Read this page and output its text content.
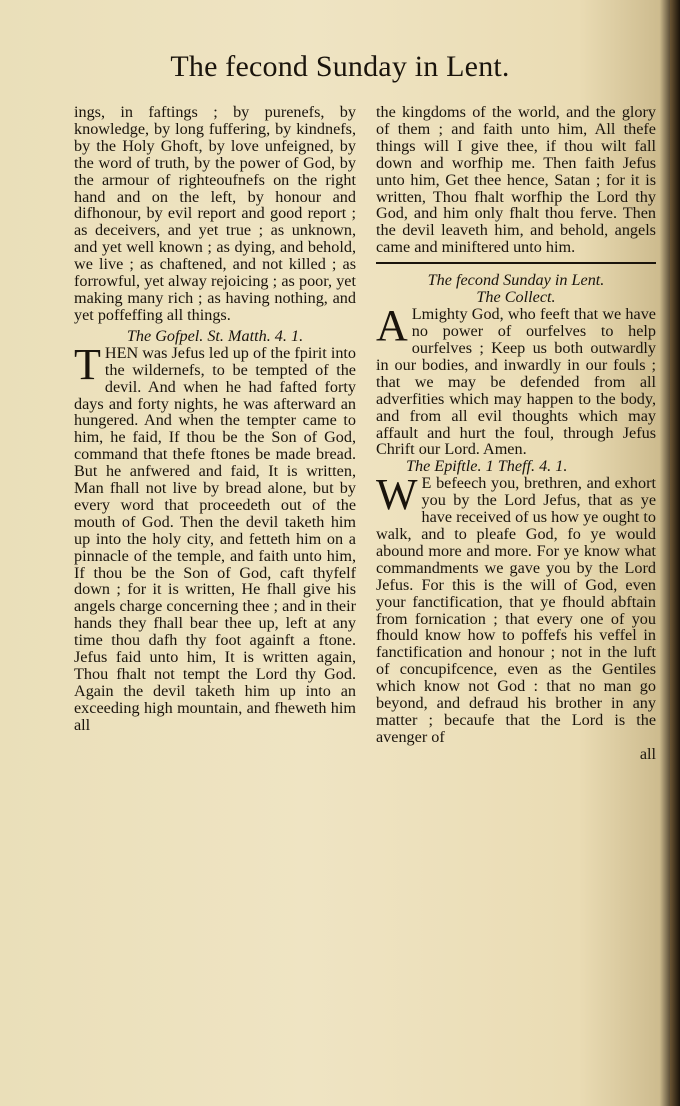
The fecond Sunday in Lent.

ings, in faftings ; by purenefs, by knowledge, by long fuffering, by kindnefs, by the Holy Ghoft, by love unfeigned, by the word of truth, by the power of God, by the armour of righteoufnefs on the right hand and on the left, by honour and difhonour, by evil report and good report ; as deceivers, and yet true ; as unknown, and yet well known ; as dying, and behold, we live ; as chaftened, and not killed ; as forrowful, yet alway rejoicing ; as poor, yet making many rich ; as having nothing, and yet poffeffing all things.

The Gofpel. St. Matth. 4. 1.

T HEN was Jefus led up of the fpirit into the wildernefs, to be tempted of the devil. And when he had fafted forty days and forty nights, he was afterward an hungered. And when the tempter came to him, he faid, If thou be the Son of God, command that thefe ftones be made bread. But he anfwered and faid, It is written, Man fhall not live by bread alone, but by every word that proceedeth out of the mouth of God. Then the devil taketh him up into the holy city, and fetteth him on a pinnacle of the temple, and faith unto him, If thou be the Son of God, caft thyfelf down ; for it is written, He fhall give his angels charge concerning thee ; and in their hands they fhall bear thee up, left at any time thou dafh thy foot againft a ftone. Jefus faid unto him, It is written again, Thou fhalt not tempt the Lord thy God. Again the devil taketh him up into an exceeding high mountain, and fheweth him all

the kingdoms of the world, and the glory of them ; and faith unto him, All thefe things will I give thee, if thou wilt fall down and worfhip me. Then faith Jefus unto him, Get thee hence, Satan ; for it is written, Thou fhalt worfhip the Lord thy God, and him only fhalt thou ferve. Then the devil leaveth him, and behold, angels came and miniftered unto him.

The fecond Sunday in Lent.

The Collect.

A Lmighty God, who feeft that we have no power of ourfelves to help ourfelves ; Keep us both outwardly in our bodies, and inwardly in our fouls ; that we may be defended from all adverfities which may happen to the body, and from all evil thoughts which may affault and hurt the foul, through Jefus Chrift our Lord. Amen.

The Epiftle. 1 Theff. 4. 1.

W E befeech you, brethren, and exhort you by the Lord Jefus, that as ye have received of us how ye ought to walk, and to pleafe God, fo ye would abound more and more. For ye know what commandments we gave you by the Lord Jefus. For this is the will of God, even your fanctification, that ye fhould abftain from fornication ; that every one of you fhould know how to poffefs his veffel in fanctification and honour ; not in the luft of concupifcence, even as the Gentiles which know not God : that no man go beyond, and defraud his brother in any matter ; becaufe that the Lord is the avenger of

all
